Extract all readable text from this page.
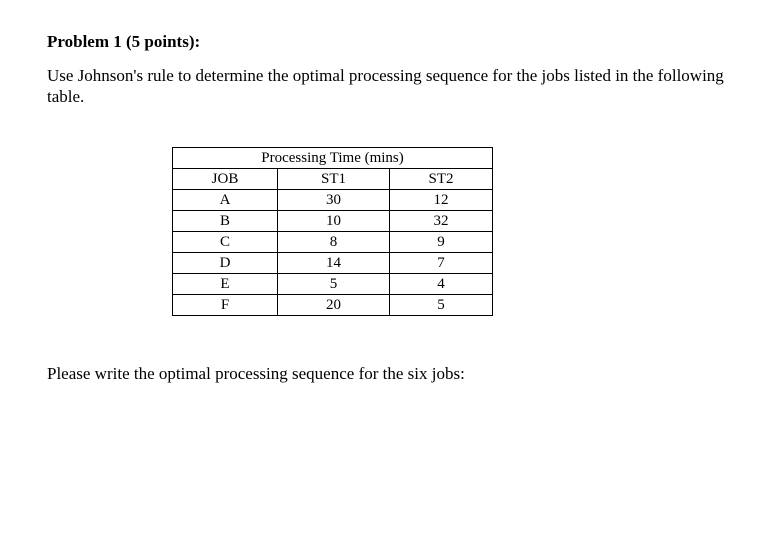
Problem 1 (5 points):

Use Johnson's rule to determine the optimal processing sequence for the jobs listed in the following table.

Processing Time (mins)		
JOB	ST1	ST2
A	30	12
B	10	32
C	8	9
D	14	7
E	5	4
F	20	5

Please write the optimal processing sequence for the six jobs:
